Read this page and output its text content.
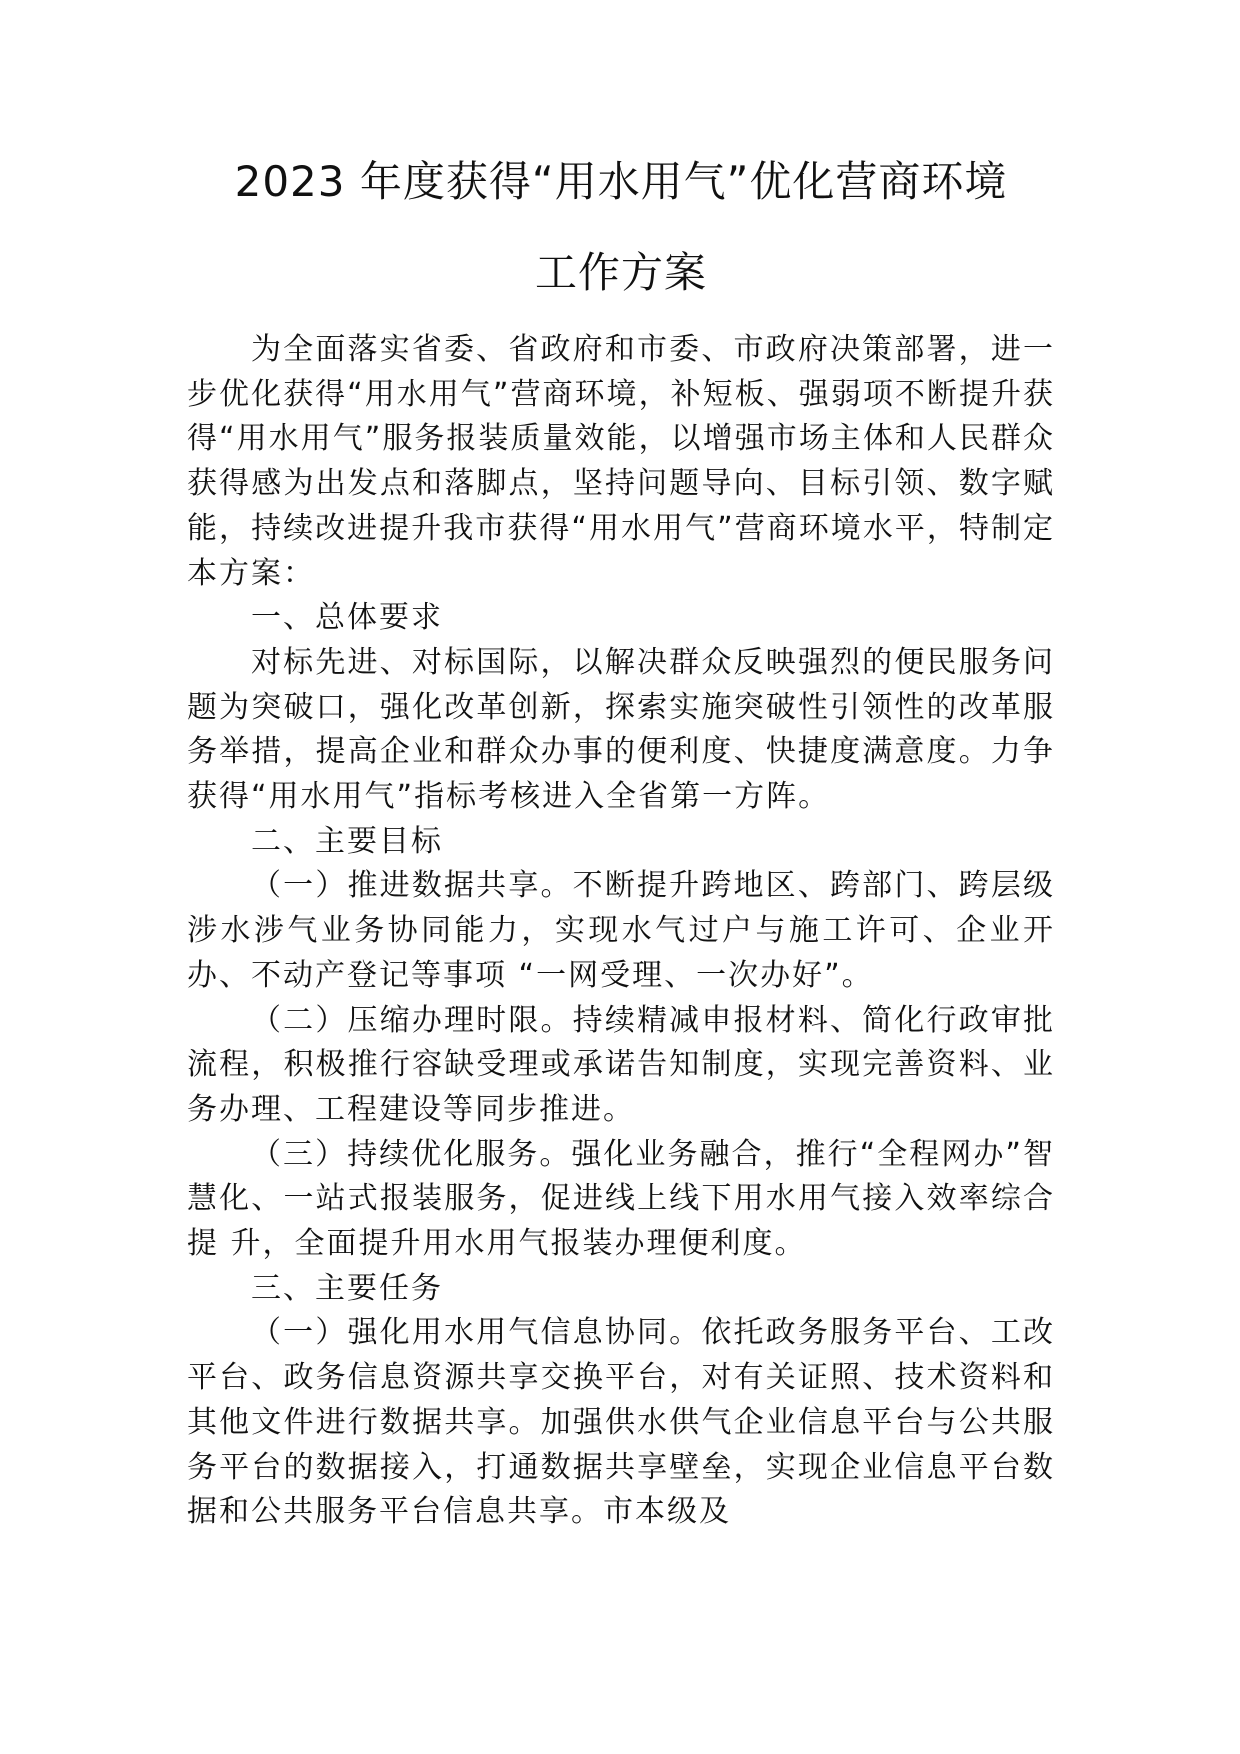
2023 年度获得“用水用气”优化营商环境
工作方案

为全面落实省委、省政府和市委、市政府决策部署，进一步优化获得“用水用气”营商环境，补短板、强弱项不断提升获得“用水用气”服务报装质量效能，以增强市场主体和人民群众获得感为出发点和落脚点，坚持问题导向、目标引领、数字赋能，持续改进提升我市获得“用水用气”营商环境水平，特制定本方案：

一、总体要求

对标先进、对标国际，以解决群众反映强烈的便民服务问题为突破口，强化改革创新，探索实施突破性引领性的改革服务举措，提高企业和群众办事的便利度、快捷度满意度。力争获得“用水用气”指标考核进入全省第一方阵。

二、主要目标

（一）推进数据共享。不断提升跨地区、跨部门、跨层级涉水涉气业务协同能力，实现水气过户与施工许可、企业开办、不动产登记等事项 “一网受理、一次办好”。

（二）压缩办理时限。持续精减申报材料、简化行政审批流程，积极推行容缺受理或承诺告知制度，实现完善资料、业务办理、工程建设等同步推进。

（三）持续优化服务。强化业务融合，推行“全程网办”智慧化、一站式报装服务，促进线上线下用水用气接入效率综合提 升，全面提升用水用气报装办理便利度。

三、主要任务

（一）强化用水用气信息协同。依托政务服务平台、工改平台、政务信息资源共享交换平台，对有关证照、技术资料和其他文件进行数据共享。加强供水供气企业信息平台与公共服务平台的数据接入，打通数据共享壁垒，实现企业信息平台数据和公共服务平台信息共享。市本级及
